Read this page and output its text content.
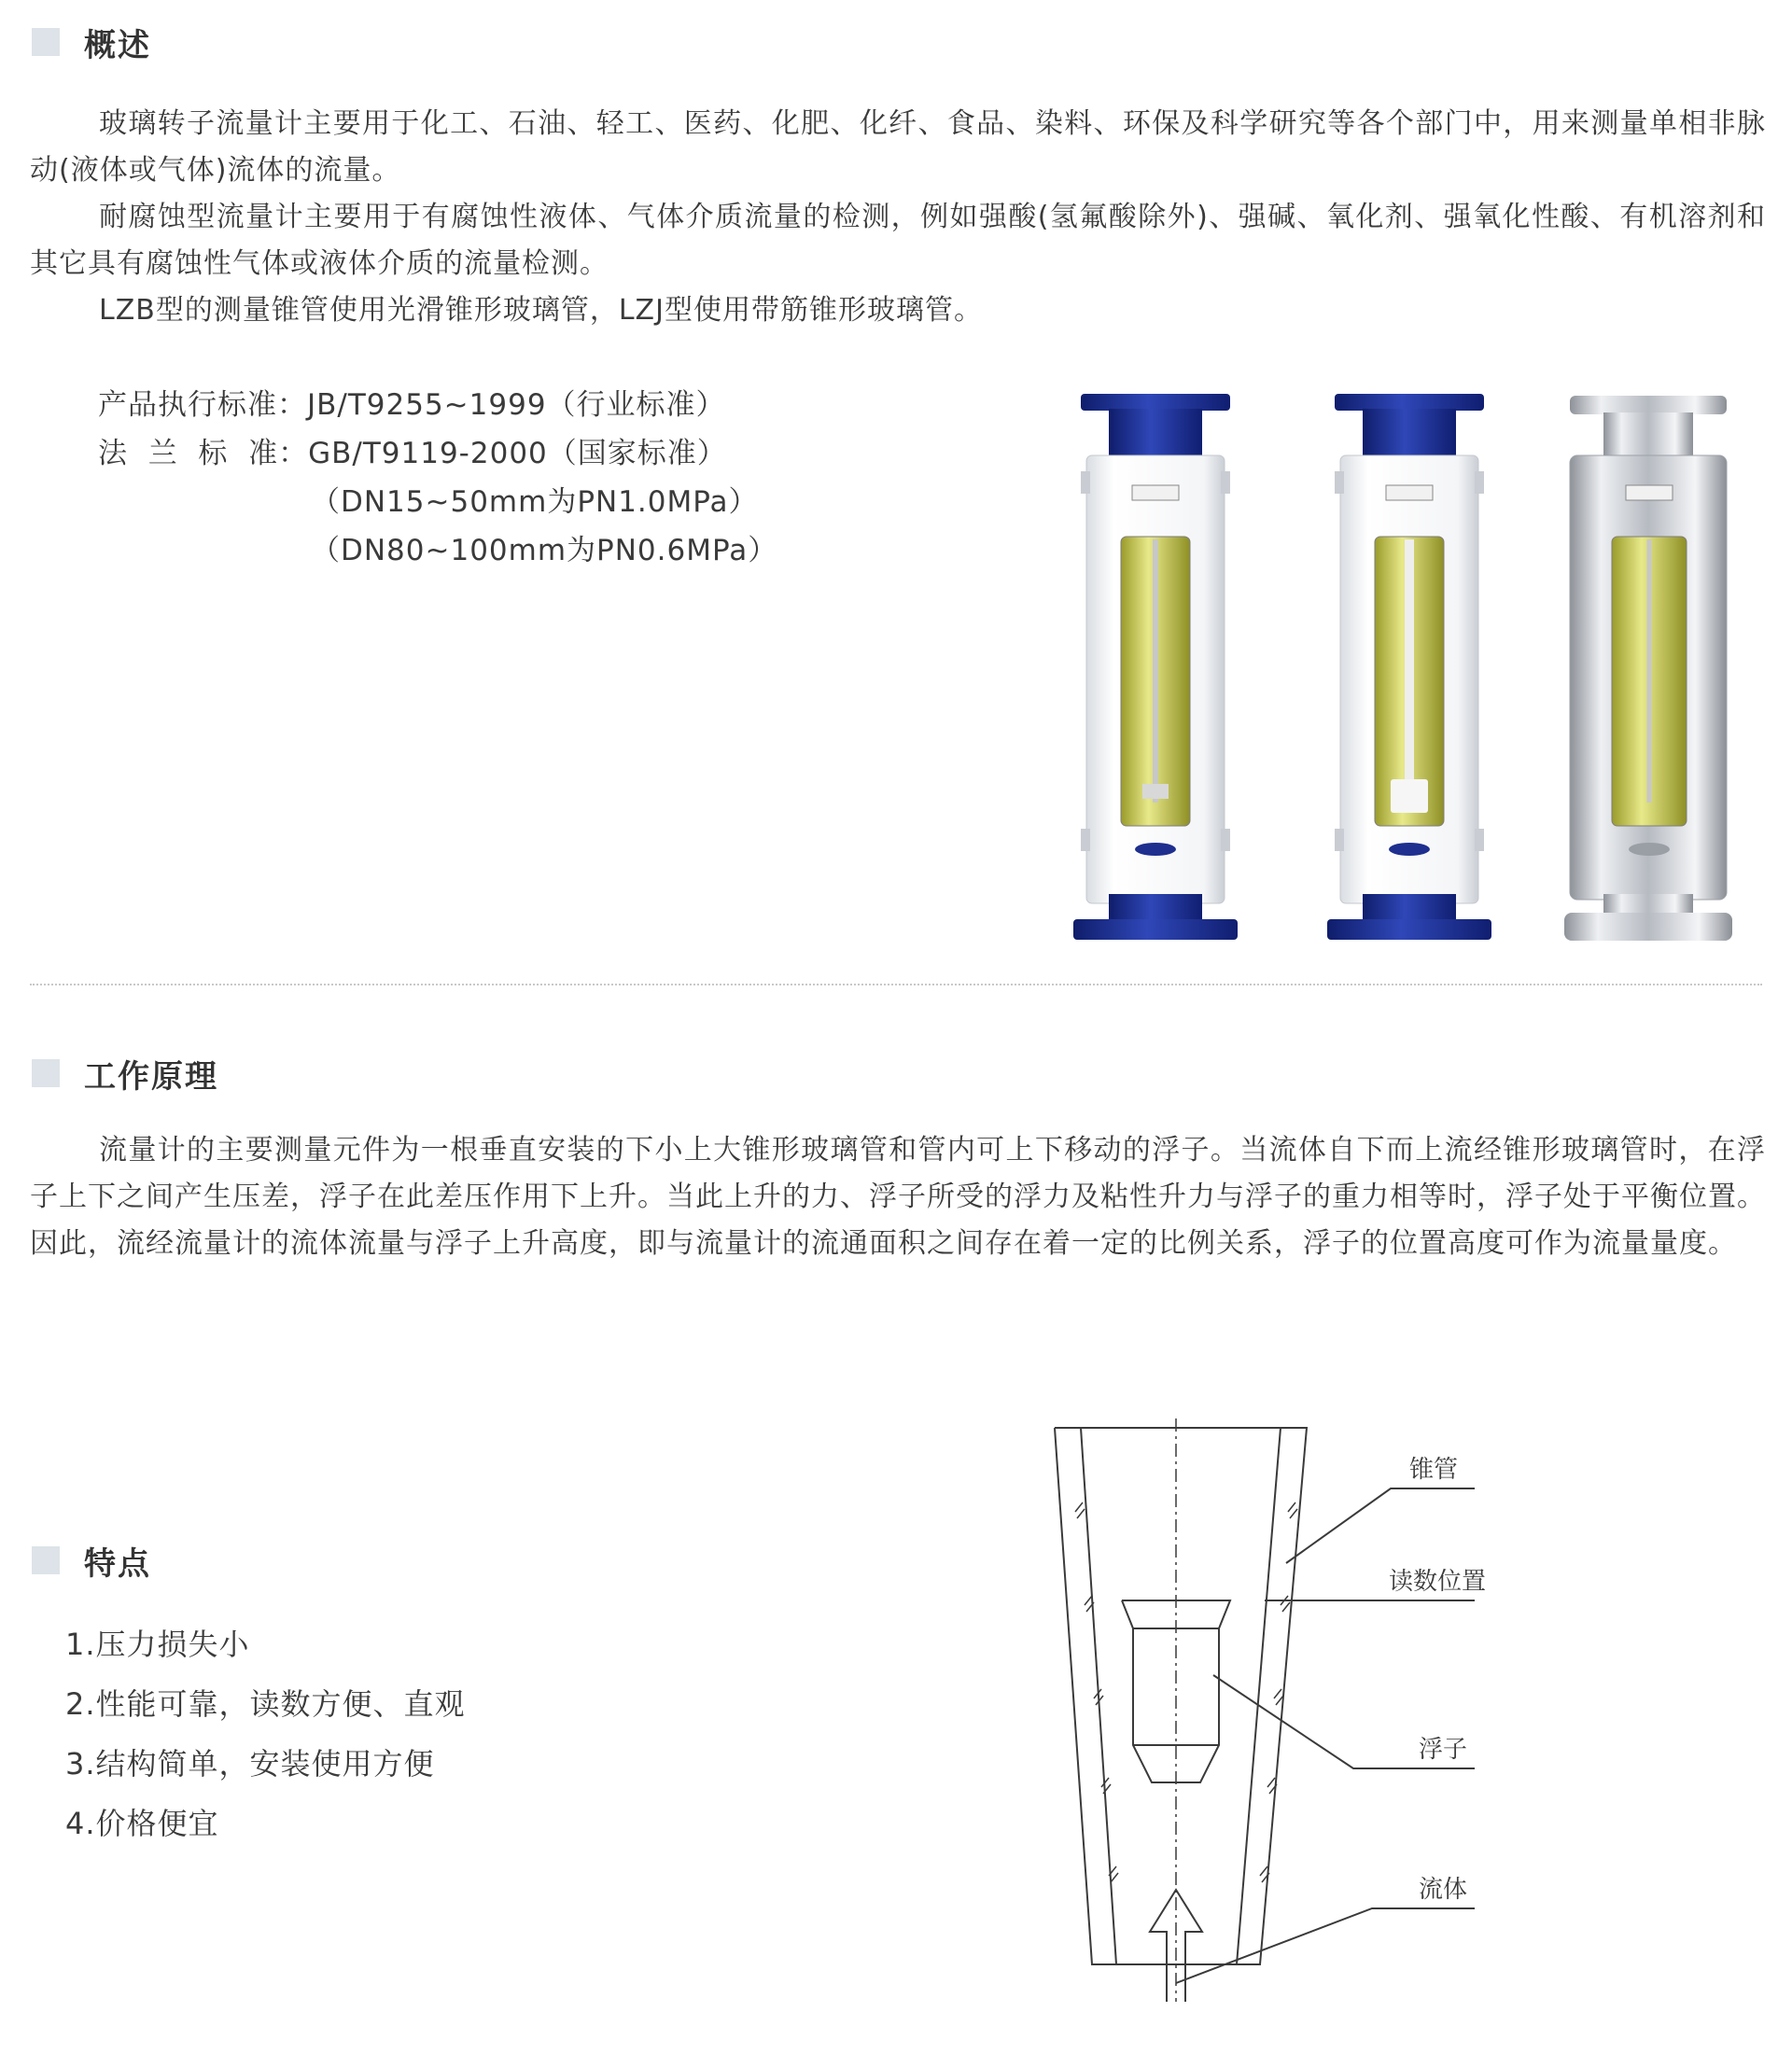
概述

玻璃转子流量计主要用于化工、石油、轻工、医药、化肥、化纤、食品、染料、环保及科学研究等各个部门中，用来测量单相非脉动(液体或气体)流体的流量。

耐腐蚀型流量计主要用于有腐蚀性液体、气体介质流量的检测，例如强酸(氢氟酸除外)、强碱、氧化剂、强氧化性酸、有机溶剂和其它具有腐蚀性气体或液体介质的流量检测。

LZB型的测量锥管使用光滑锥形玻璃管，LZJ型使用带筋锥形玻璃管。

产品执行标准：JB/T9255~1999（行业标准）
法  兰  标  准：GB/T9119-2000（国家标准）
（DN15~50mm为PN1.0MPa）
（DN80~100mm为PN0.6MPa）
工作原理

流量计的主要测量元件为一根垂直安装的下小上大锥形玻璃管和管内可上下移动的浮子。当流体自下而上流经锥形玻璃管时，在浮子上下之间产生压差，浮子在此差压作用下上升。当此上升的力、浮子所受的浮力及粘性升力与浮子的重力相等时，浮子处于平衡位置。因此，流经流量计的流体流量与浮子上升高度，即与流量计的流通面积之间存在着一定的比例关系，浮子的位置高度可作为流量量度。

特点
1.压力损失小
2.性能可靠，读数方便、直观
3.结构简单，安装使用方便
4.价格便宜
锥管
读数位置
浮子
流体
